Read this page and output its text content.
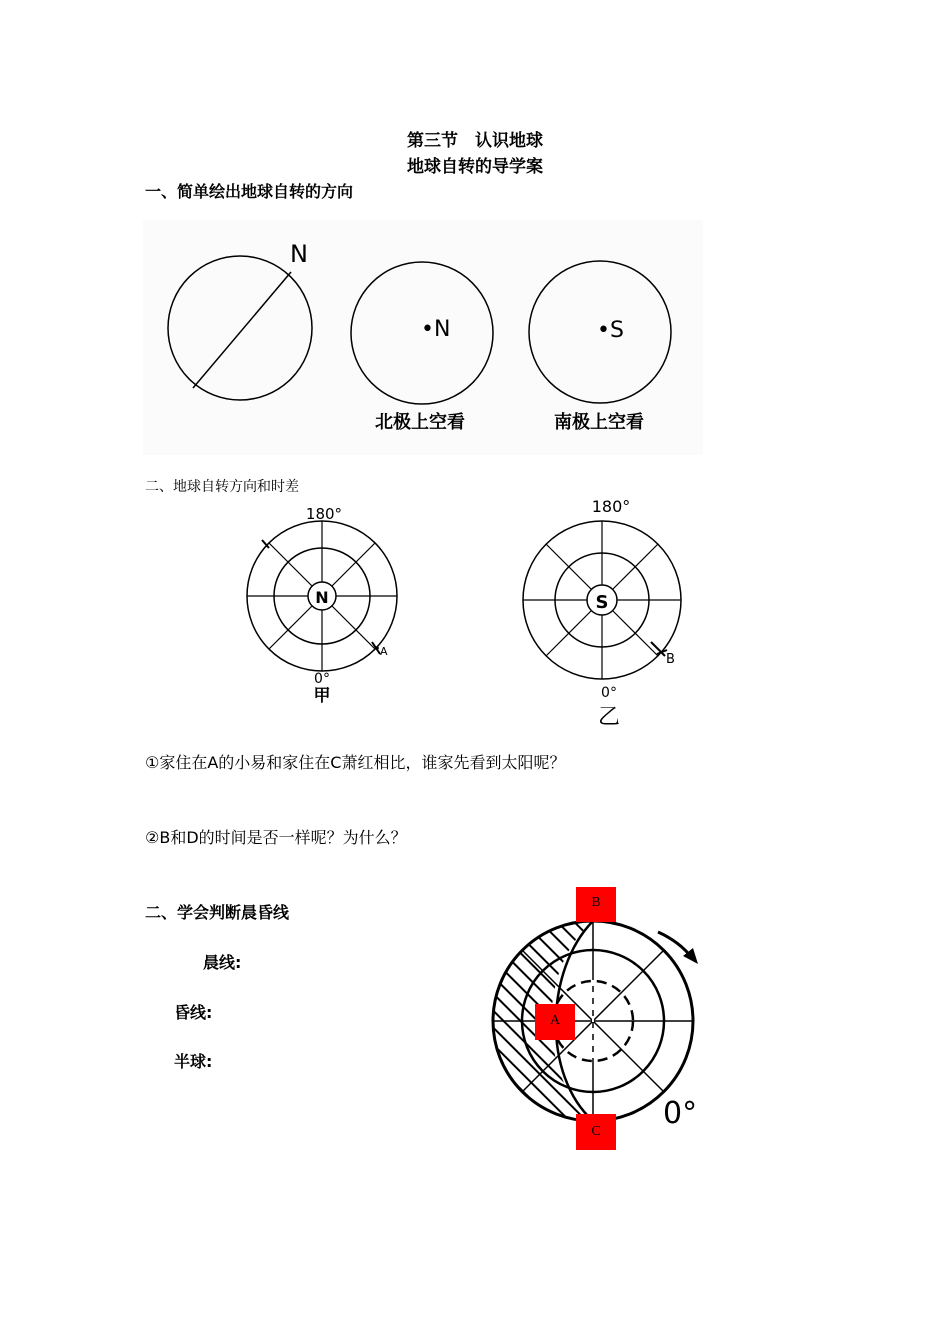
第三节　认识地球
地球自转的导学案
一、简单绘出地球自转的方向
N
•N	•S
北极上空看	南极上空看
二、地球自转方向和时差
N
180°
0°
甲
A
S
180°
0°
乙
B
①家住在A的小易和家住在C萧红相比，谁家先看到太阳呢？
②B和D的时间是否一样呢？为什么？
二、学会判断晨昏线
晨线:
昏线:
半球:
0°
B
A
C
